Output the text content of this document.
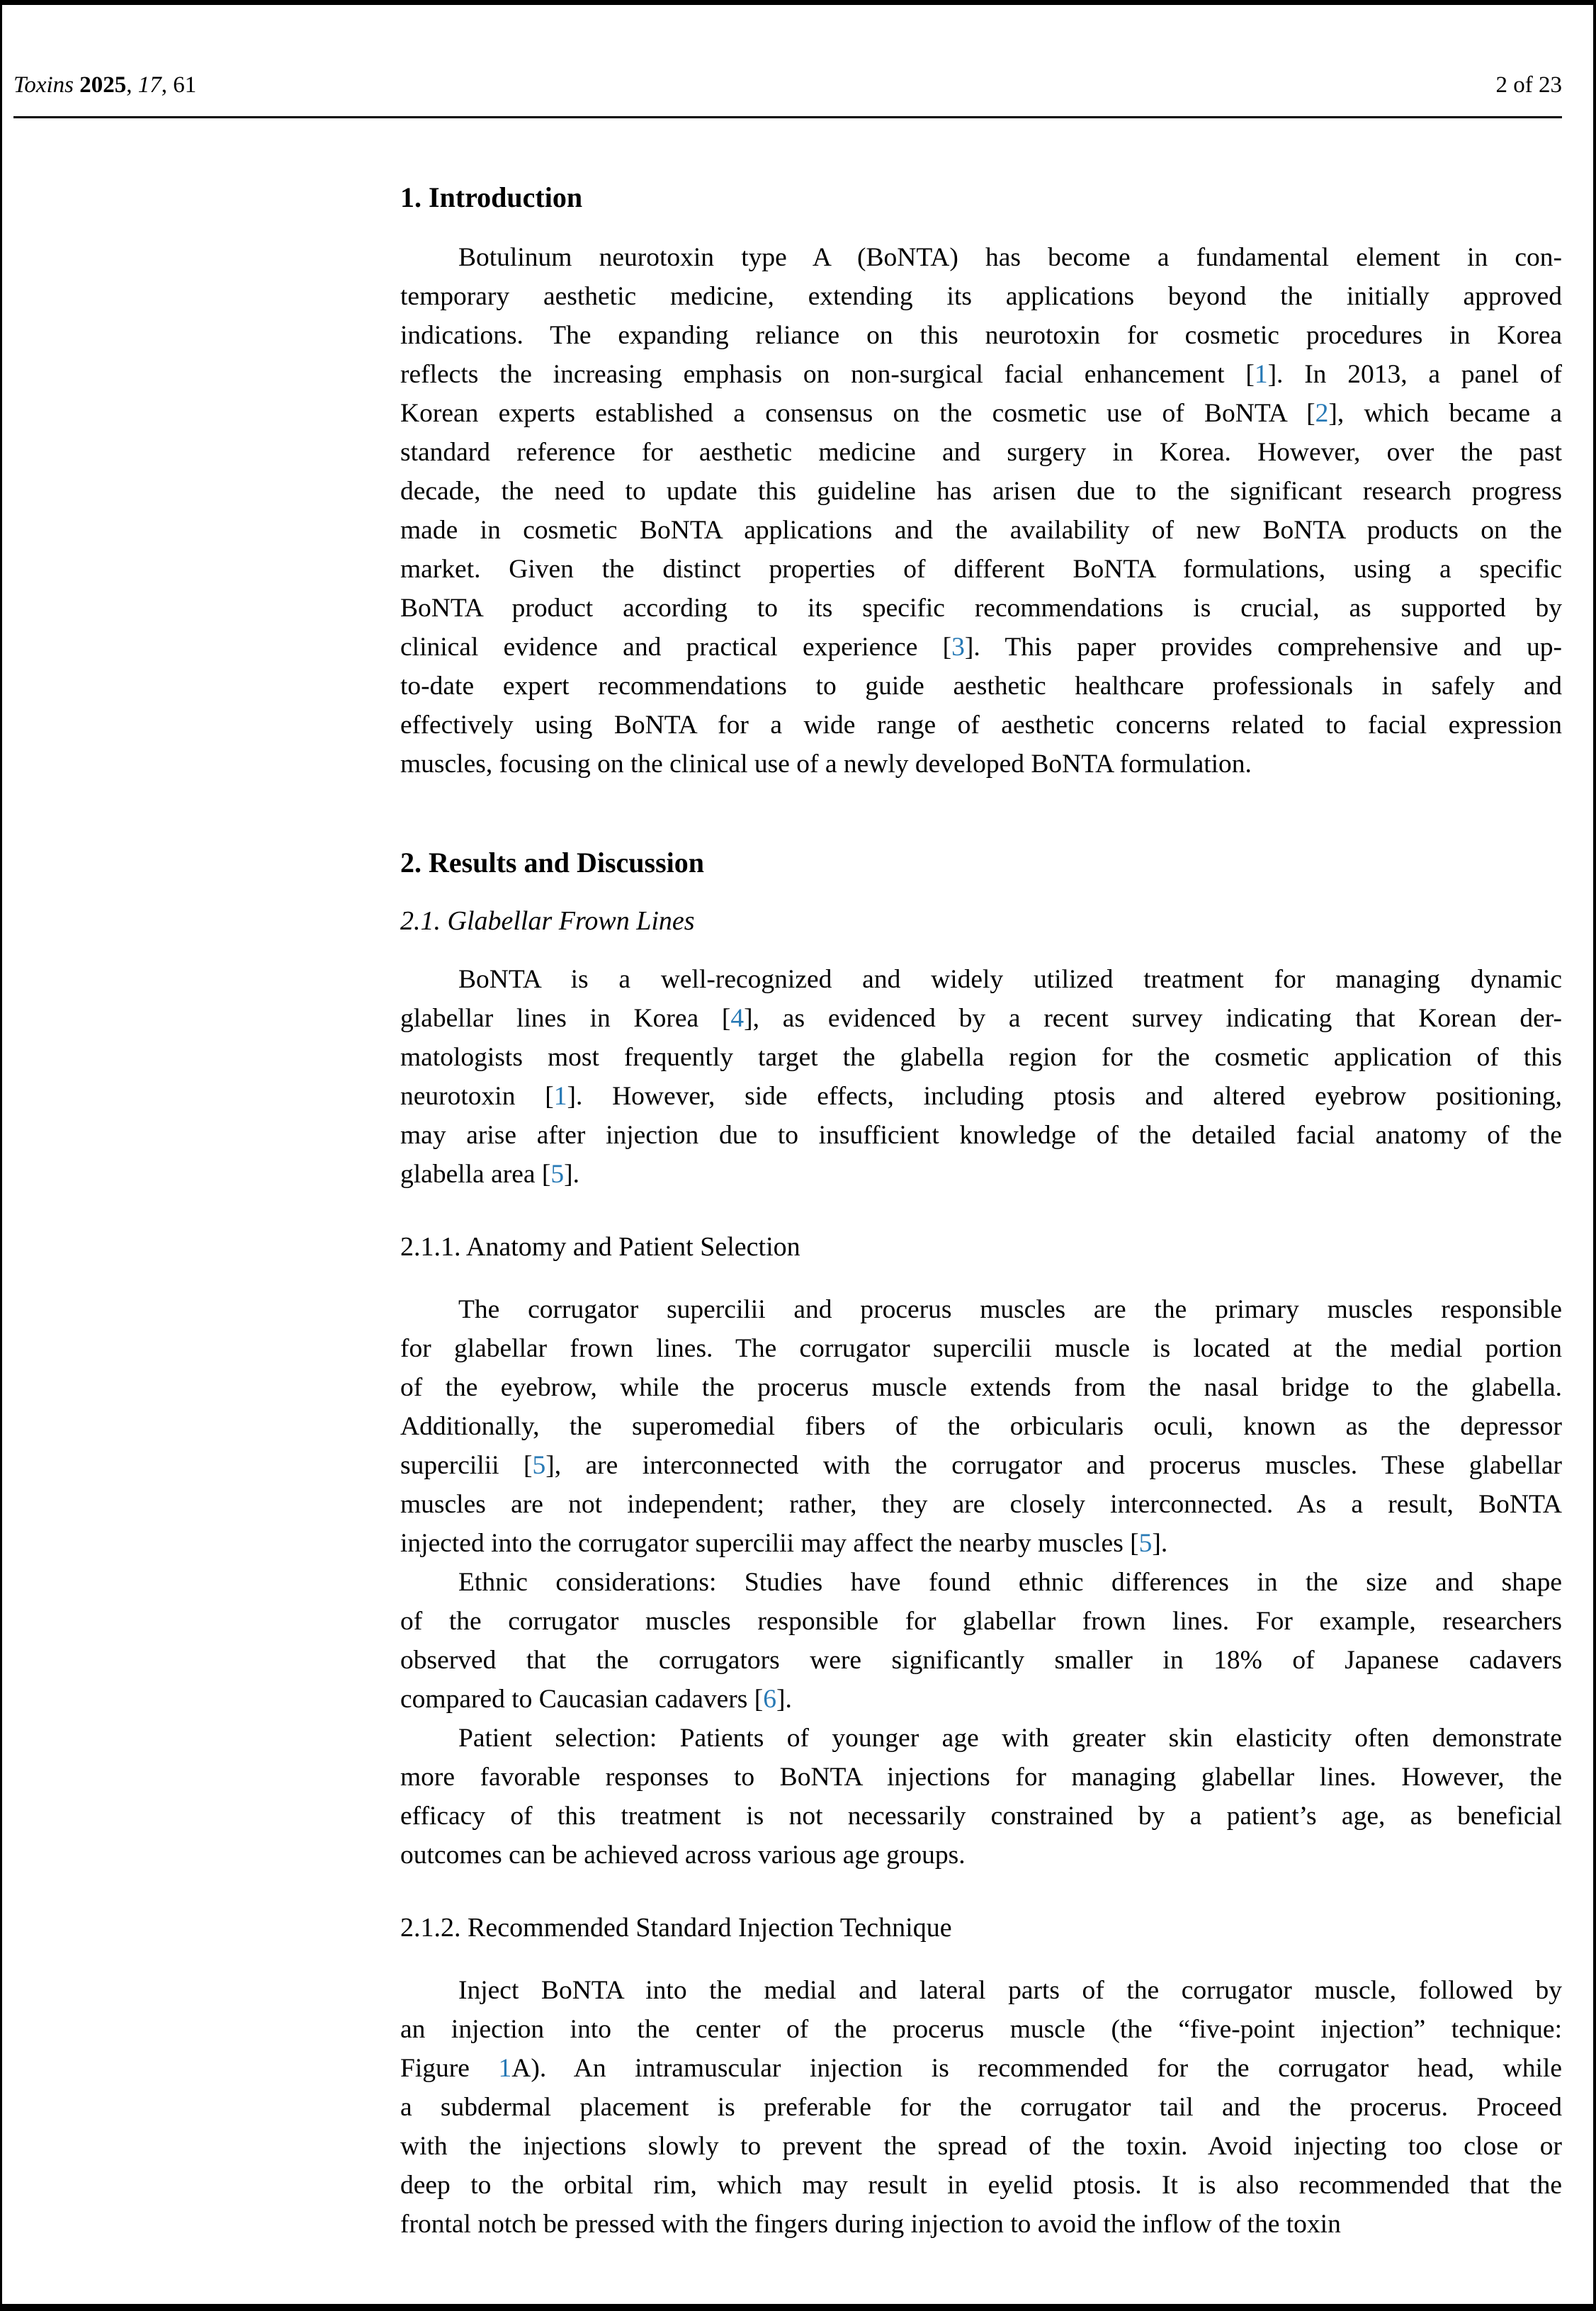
Toxins 2025, 17, 61	2 of 23
1. Introduction
Botulinum neurotoxin type A (BoNTA) has become a fundamental element in con-
temporary aesthetic medicine, extending its applications beyond the initially approved
indications. The expanding reliance on this neurotoxin for cosmetic procedures in Korea
reflects the increasing emphasis on non-surgical facial enhancement [1]. In 2013, a panel of
Korean experts established a consensus on the cosmetic use of BoNTA [2], which became a
standard reference for aesthetic medicine and surgery in Korea. However, over the past
decade, the need to update this guideline has arisen due to the significant research progress
made in cosmetic BoNTA applications and the availability of new BoNTA products on the
market. Given the distinct properties of different BoNTA formulations, using a specific
BoNTA product according to its specific recommendations is crucial, as supported by
clinical evidence and practical experience [3]. This paper provides comprehensive and up-
to-date expert recommendations to guide aesthetic healthcare professionals in safely and
effectively using BoNTA for a wide range of aesthetic concerns related to facial expression
muscles, focusing on the clinical use of a newly developed BoNTA formulation.
2. Results and Discussion
2.1. Glabellar Frown Lines
BoNTA is a well-recognized and widely utilized treatment for managing dynamic
glabellar lines in Korea [4], as evidenced by a recent survey indicating that Korean der-
matologists most frequently target the glabella region for the cosmetic application of this
neurotoxin [1]. However, side effects, including ptosis and altered eyebrow positioning,
may arise after injection due to insufficient knowledge of the detailed facial anatomy of the
glabella area [5].
2.1.1. Anatomy and Patient Selection
The corrugator supercilii and procerus muscles are the primary muscles responsible
for glabellar frown lines. The corrugator supercilii muscle is located at the medial portion
of the eyebrow, while the procerus muscle extends from the nasal bridge to the glabella.
Additionally, the superomedial fibers of the orbicularis oculi, known as the depressor
supercilii [5], are interconnected with the corrugator and procerus muscles. These glabellar
muscles are not independent; rather, they are closely interconnected. As a result, BoNTA
injected into the corrugator supercilii may affect the nearby muscles [5].
Ethnic considerations: Studies have found ethnic differences in the size and shape
of the corrugator muscles responsible for glabellar frown lines. For example, researchers
observed that the corrugators were significantly smaller in 18% of Japanese cadavers
compared to Caucasian cadavers [6].
Patient selection: Patients of younger age with greater skin elasticity often demonstrate
more favorable responses to BoNTA injections for managing glabellar lines. However, the
efficacy of this treatment is not necessarily constrained by a patient’s age, as beneficial
outcomes can be achieved across various age groups.
2.1.2. Recommended Standard Injection Technique
Inject BoNTA into the medial and lateral parts of the corrugator muscle, followed by
an injection into the center of the procerus muscle (the “five-point injection” technique:
Figure 1A). An intramuscular injection is recommended for the corrugator head, while
a subdermal placement is preferable for the corrugator tail and the procerus. Proceed
with the injections slowly to prevent the spread of the toxin. Avoid injecting too close or
deep to the orbital rim, which may result in eyelid ptosis. It is also recommended that the
frontal notch be pressed with the fingers during injection to avoid the inflow of the toxin
